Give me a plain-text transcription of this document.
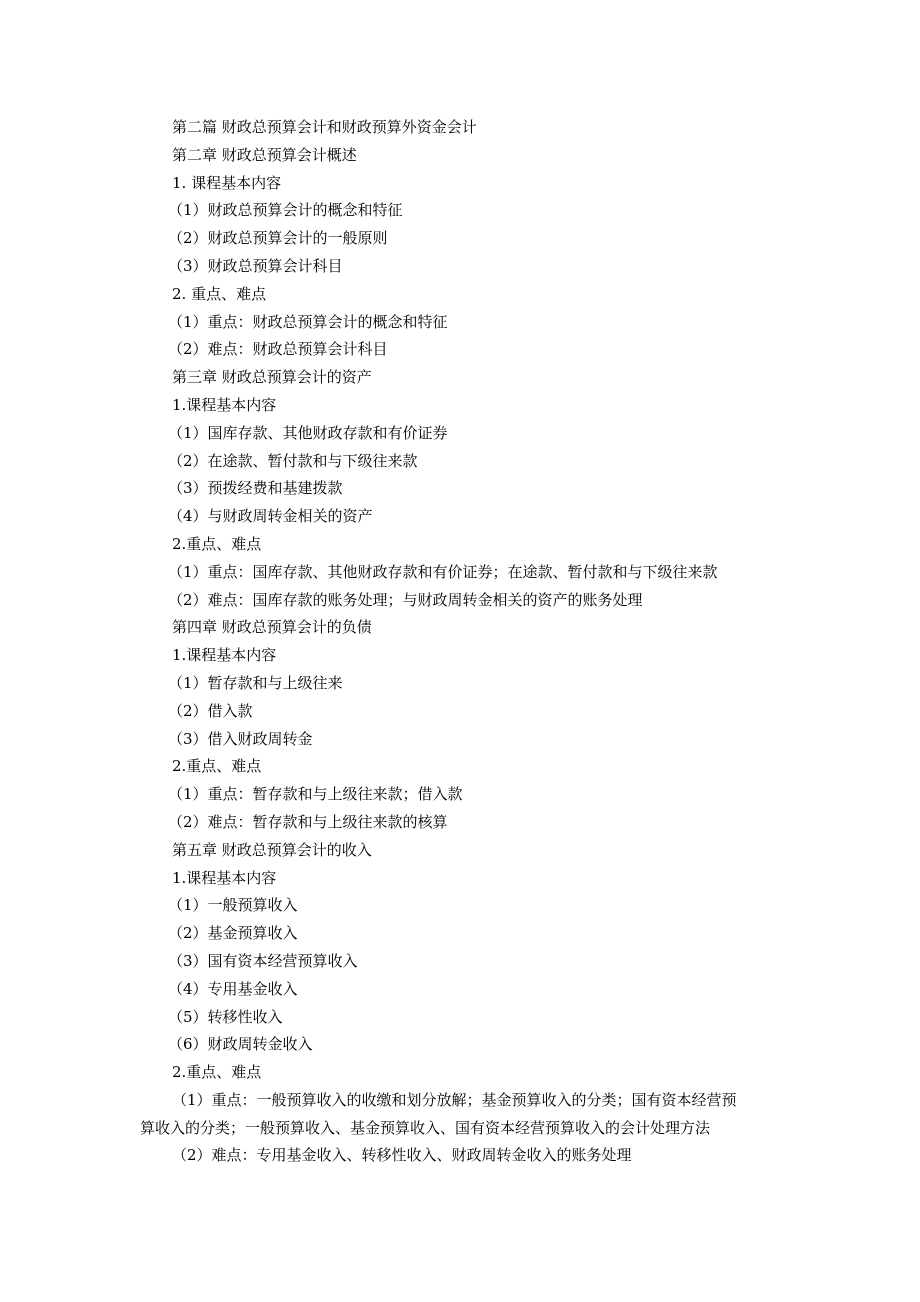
第二篇 财政总预算会计和财政预算外资金会计
第二章 财政总预算会计概述
1. 课程基本内容
（1）财政总预算会计的概念和特征
（2）财政总预算会计的一般原则
（3）财政总预算会计科目
2. 重点、难点
（1）重点：财政总预算会计的概念和特征
（2）难点：财政总预算会计科目
第三章 财政总预算会计的资产
1.课程基本内容
（1）国库存款、其他财政存款和有价证券
（2）在途款、暂付款和与下级往来款
（3）预拨经费和基建拨款
（4）与财政周转金相关的资产
2.重点、难点
（1）重点：国库存款、其他财政存款和有价证券；在途款、暂付款和与下级往来款
（2）难点：国库存款的账务处理；与财政周转金相关的资产的账务处理
第四章 财政总预算会计的负债
1.课程基本内容
（1）暂存款和与上级往来
（2）借入款
（3）借入财政周转金
2.重点、难点
（1）重点：暂存款和与上级往来款；借入款
（2）难点：暂存款和与上级往来款的核算
第五章 财政总预算会计的收入
1.课程基本内容
（1）一般预算收入
（2）基金预算收入
（3）国有资本经营预算收入
（4）专用基金收入
（5）转移性收入
（6）财政周转金收入
2.重点、难点
（1）重点：一般预算收入的收缴和划分放解；基金预算收入的分类；国有资本经营预
算收入的分类；一般预算收入、基金预算收入、国有资本经营预算收入的会计处理方法
（2）难点：专用基金收入、转移性收入、财政周转金收入的账务处理
